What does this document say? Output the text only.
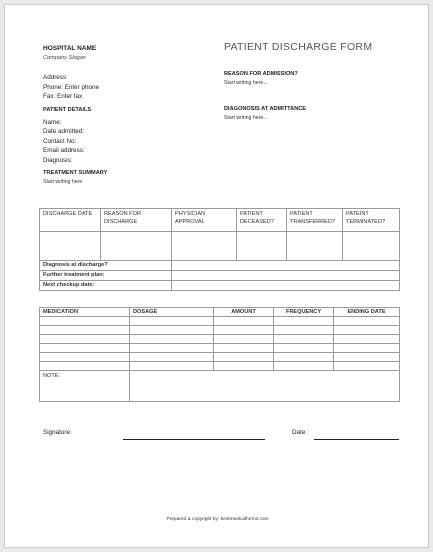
HOSPITAL NAME
Company Slogan
Address
Phone: Enter phone
Fax: Enter fax
PATIENT DETAILS
Name:
Date admitted:
Contact No:
Email address:
Diagnosis:
TREATMENT SUMMARY
Start writing here
PATIENT DISCHARGE FORM
REASON FOR ADMISSION?
Start writing here...
DIAGONOSIS AT ADMITTANCE
Start writing here...
DISCHARGE DATE	REASON FOR DISCHARGE	PHYSICIAN APPROVAL	PATIENT DECEASED?	PATIENT TRANSFERRED?	PATEINT TERMINATED?

Diagnosis at discharge?					
Further treatment plan:					
Next checkup date:					
MEDICATION	DOSAGE	AMOUNT	FREQUENCY	ENDING DATE

NOTE:				
Signature:	Date:
Prepared & copyright by: bestmedicalforms.com
